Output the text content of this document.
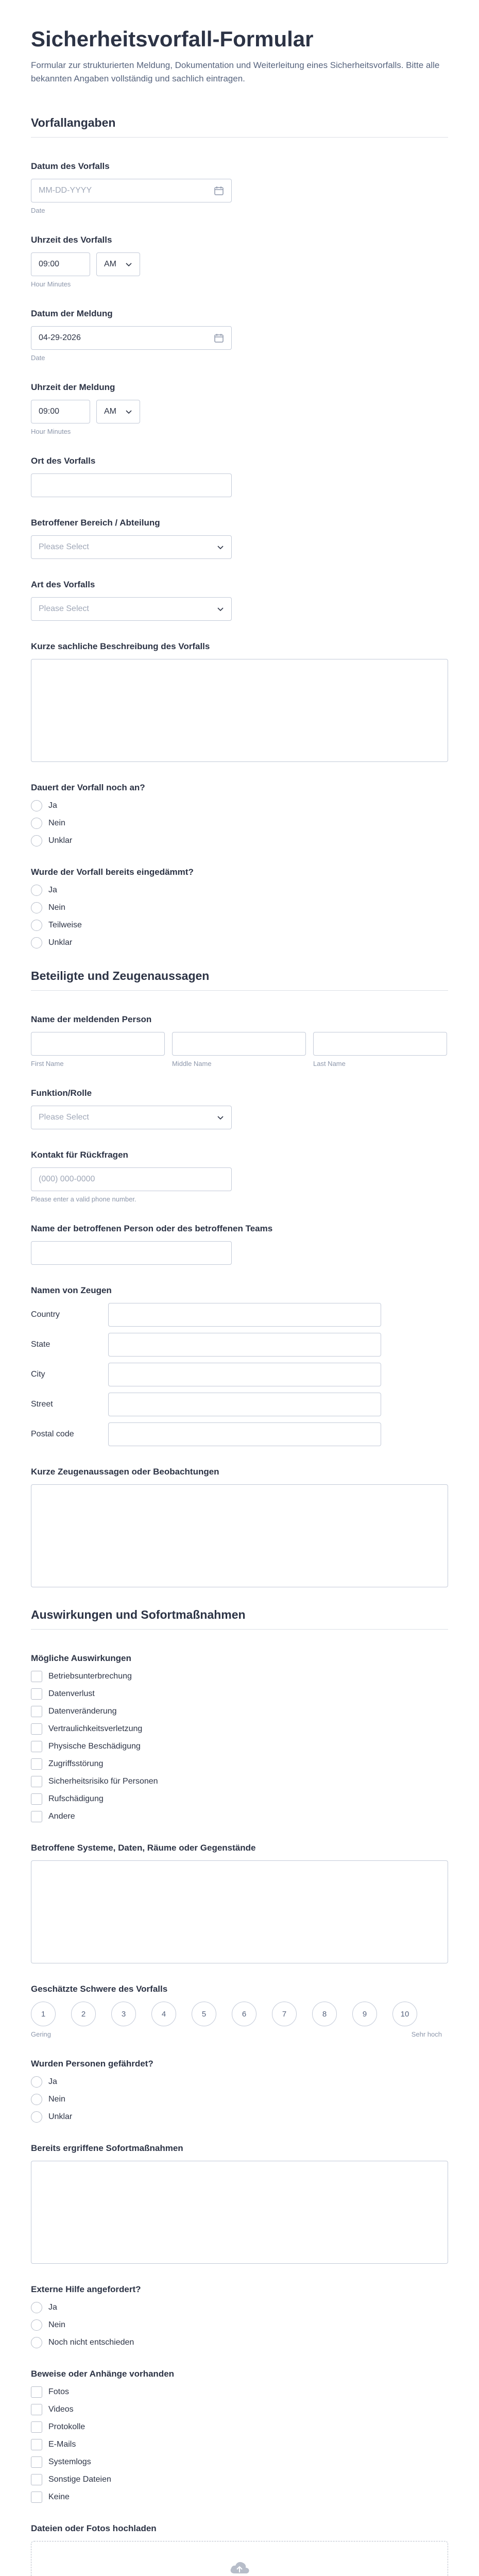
Sicherheitsvorfall-Formular

Formular zur strukturierten Meldung, Dokumentation und Weiterleitung eines Sicherheitsvorfalls. Bitte alle bekannten Angaben vollständig und sachlich eintragen.

Vorfallangaben
Datum des Vorfalls
MM-DD-YYYY
Date
Uhrzeit des Vorfalls
09:00	AM
Hour Minutes
Datum der Meldung
04-29-2026
Date
Uhrzeit der Meldung
09:00	AM
Hour Minutes
Ort des Vorfalls
Betroffener Bereich / Abteilung
Please Select
Art des Vorfalls
Please Select
Kurze sachliche Beschreibung des Vorfalls
Dauert der Vorfall noch an?
Ja
Nein
Unklar
Wurde der Vorfall bereits eingedämmt?
Ja
Nein
Teilweise
Unklar
Beteiligte und Zeugenaussagen
Name der meldenden Person
First Name	Middle Name	Last Name
Funktion/Rolle
Please Select
Kontakt für Rückfragen
(000) 000-0000
Please enter a valid phone number.
Name der betroffenen Person oder des betroffenen Teams
Namen von Zeugen
Country
State
City
Street
Postal code
Kurze Zeugenaussagen oder Beobachtungen
Auswirkungen und Sofortmaßnahmen
Mögliche Auswirkungen
Betriebsunterbrechung
Datenverlust
Datenveränderung
Vertraulichkeitsverletzung
Physische Beschädigung
Zugriffsstörung
Sicherheitsrisiko für Personen
Rufschädigung
Andere
Betroffene Systeme, Daten, Räume oder Gegenstände
Geschätzte Schwere des Vorfalls
1	2	3	4	5	6	7	8	9	10
Gering	Sehr hoch
Wurden Personen gefährdet?
Ja
Nein
Unklar
Bereits ergriffene Sofortmaßnahmen
Externe Hilfe angefordert?
Ja
Nein
Noch nicht entschieden
Beweise oder Anhänge vorhanden
Fotos
Videos
Protokolle
E-Mails
Systemlogs
Sonstige Dateien
Keine
Dateien oder Fotos hochladen
